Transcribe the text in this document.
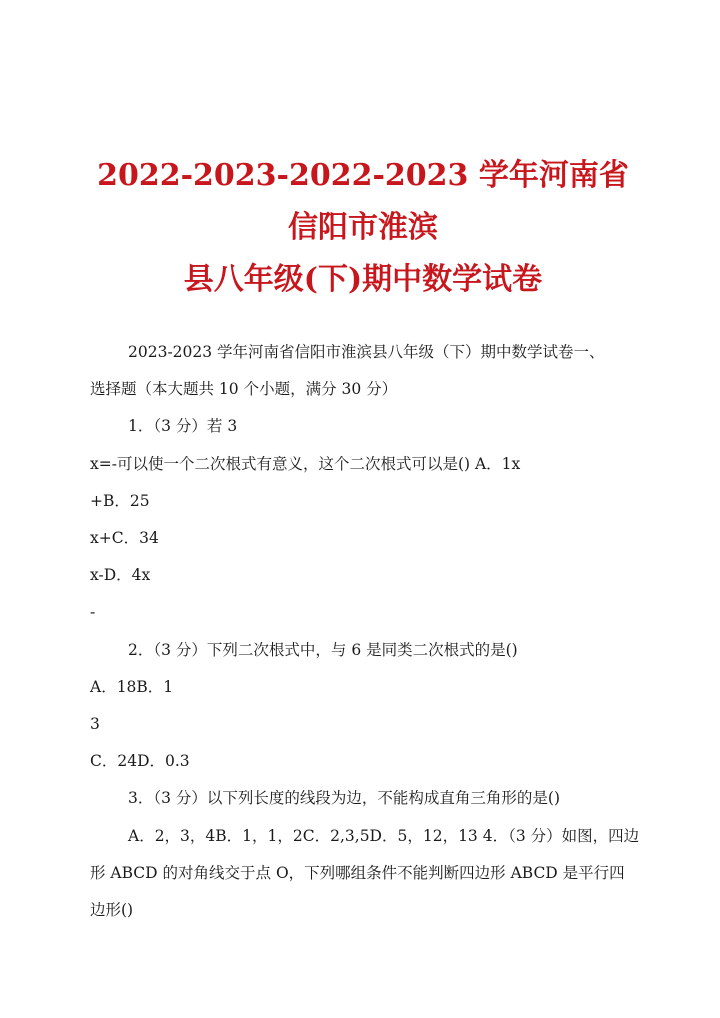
2022-2023-2022-2023 学年河南省信阳市淮滨
县八年级(下)期中数学试卷

2023-2023 学年河南省信阳市淮滨县八年级（下）期中数学试卷一、

选择题（本大题共 10 个小题，满分 30 分）

1．（3 分）若 3

x=-可以使一个二次根式有意义，这个二次根式可以是() A．1x

+B．25

x+C．34

x-D．4x

-

2．（3 分）下列二次根式中，与 6 是同类二次根式的是()

A．18B．1

3

C．24D．0.3

3．（3 分）以下列长度的线段为边，不能构成直角三角形的是()

A．2，3，4B．1，1，2C．2,3,5D．5，12，13 4．（3 分）如图，四边

形 ABCD 的对角线交于点 O，下列哪组条件不能判断四边形 ABCD 是平行四

边形()
